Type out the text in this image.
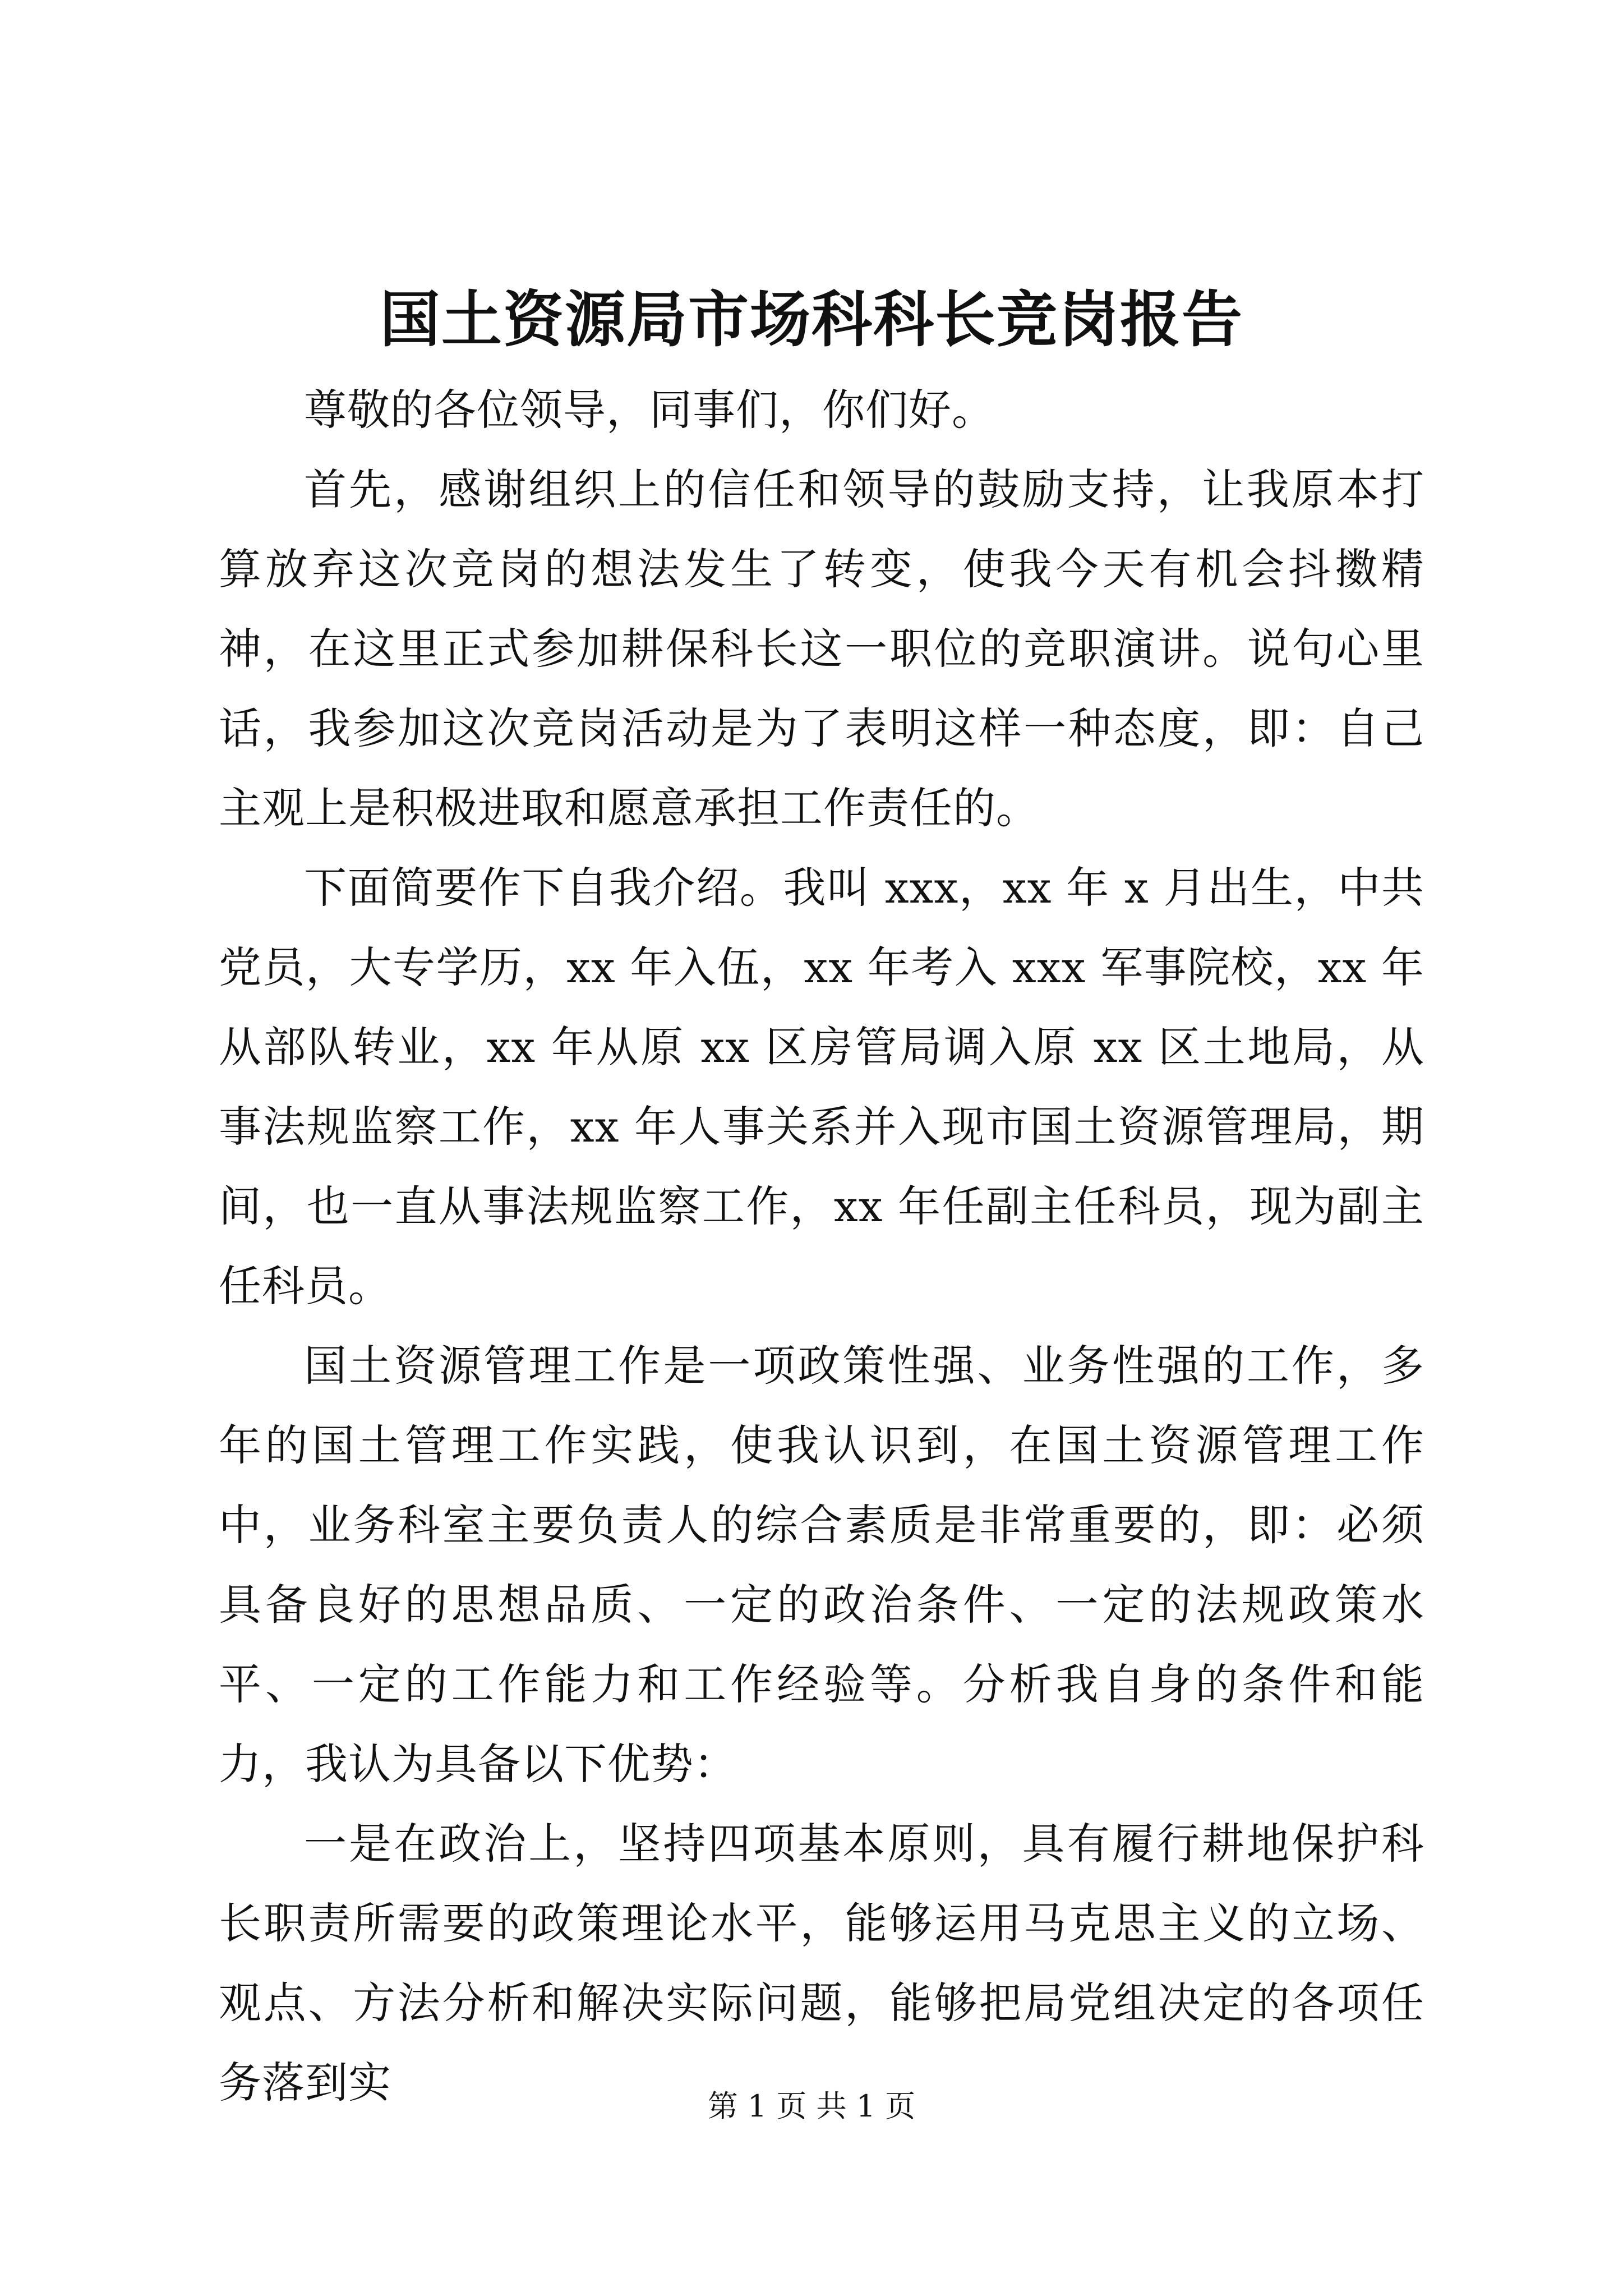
国土资源局市场科科长竞岗报告

尊敬的各位领导，同事们，你们好。

首先，感谢组织上的信任和领导的鼓励支持，让我原本打算放弃这次竞岗的想法发生了转变，使我今天有机会抖擞精神，在这里正式参加耕保科长这一职位的竞职演讲。说句心里话，我参加这次竞岗活动是为了表明这样一种态度，即：自己主观上是积极进取和愿意承担工作责任的。

下面简要作下自我介绍。我叫 xxx，xx 年 x 月出生，中共党员，大专学历，xx 年入伍，xx 年考入 xxx 军事院校，xx 年从部队转业，xx 年从原 xx 区房管局调入原 xx 区土地局，从事法规监察工作，xx 年人事关系并入现市国土资源管理局，期间，也一直从事法规监察工作，xx 年任副主任科员，现为副主任科员。

国土资源管理工作是一项政策性强、业务性强的工作，多年的国土管理工作实践，使我认识到，在国土资源管理工作中，业务科室主要负责人的综合素质是非常重要的，即：必须具备良好的思想品质、一定的政治条件、一定的法规政策水平、一定的工作能力和工作经验等。分析我自身的条件和能力，我认为具备以下优势：

一是在政治上，坚持四项基本原则，具有履行耕地保护科长职责所需要的政策理论水平，能够运用马克思主义的立场、观点、方法分析和解决实际问题，能够把局党组决定的各项任务落到实	第 1 页 共 1 页
